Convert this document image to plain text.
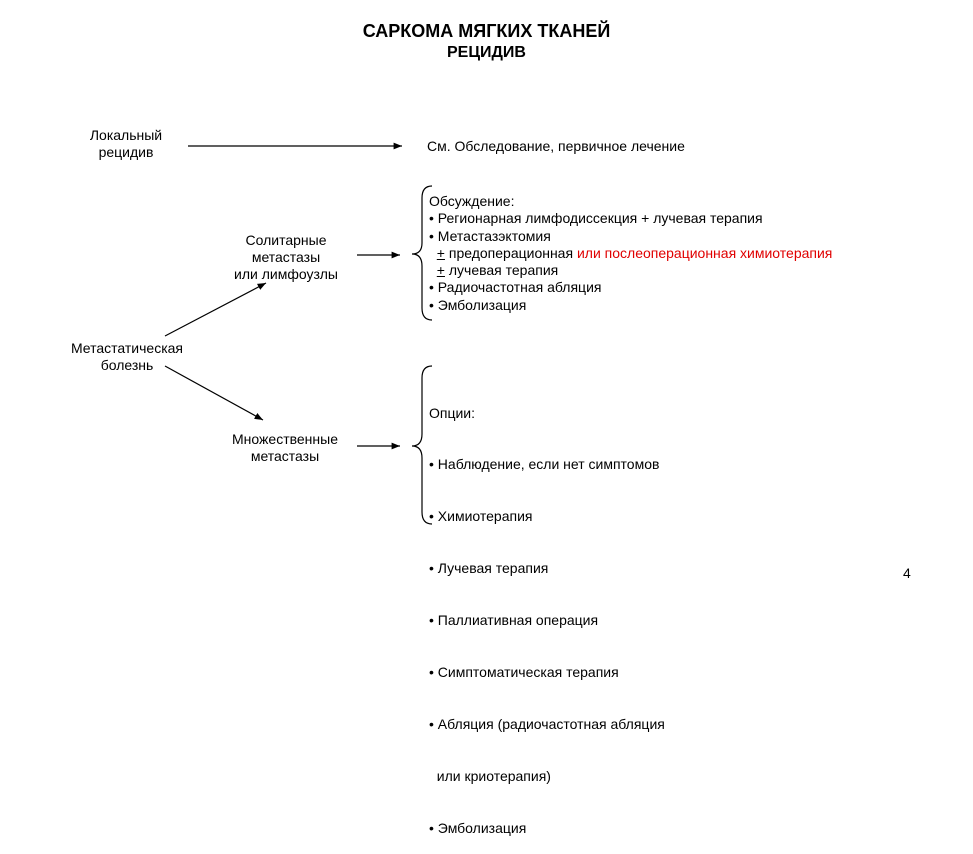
САРКОМА МЯГКИХ ТКАНЕЙ
РЕЦИДИВ
Локальный
рецидив	См. Обследование, первичное лечение
Солитарные
метастазы
или лимфоузлы
Метастатическая
болезнь
Множественные
метастазы
Обсуждение:
• Регионарная лимфодиссекция + лучевая терапия
• Метастазэктомия
+ предоперационная или послеоперационная химиотерапия
+ лучевая терапия
• Радиочастотная абляция
• Эмболизация

Опции:

• Наблюдение, если нет симптомов

• Химиотерапия

• Лучевая терапия

• Паллиативная операция

• Симптоматическая терапия

• Абляция (радиочастотная абляция

или криотерапия)

• Эмболизация

4
